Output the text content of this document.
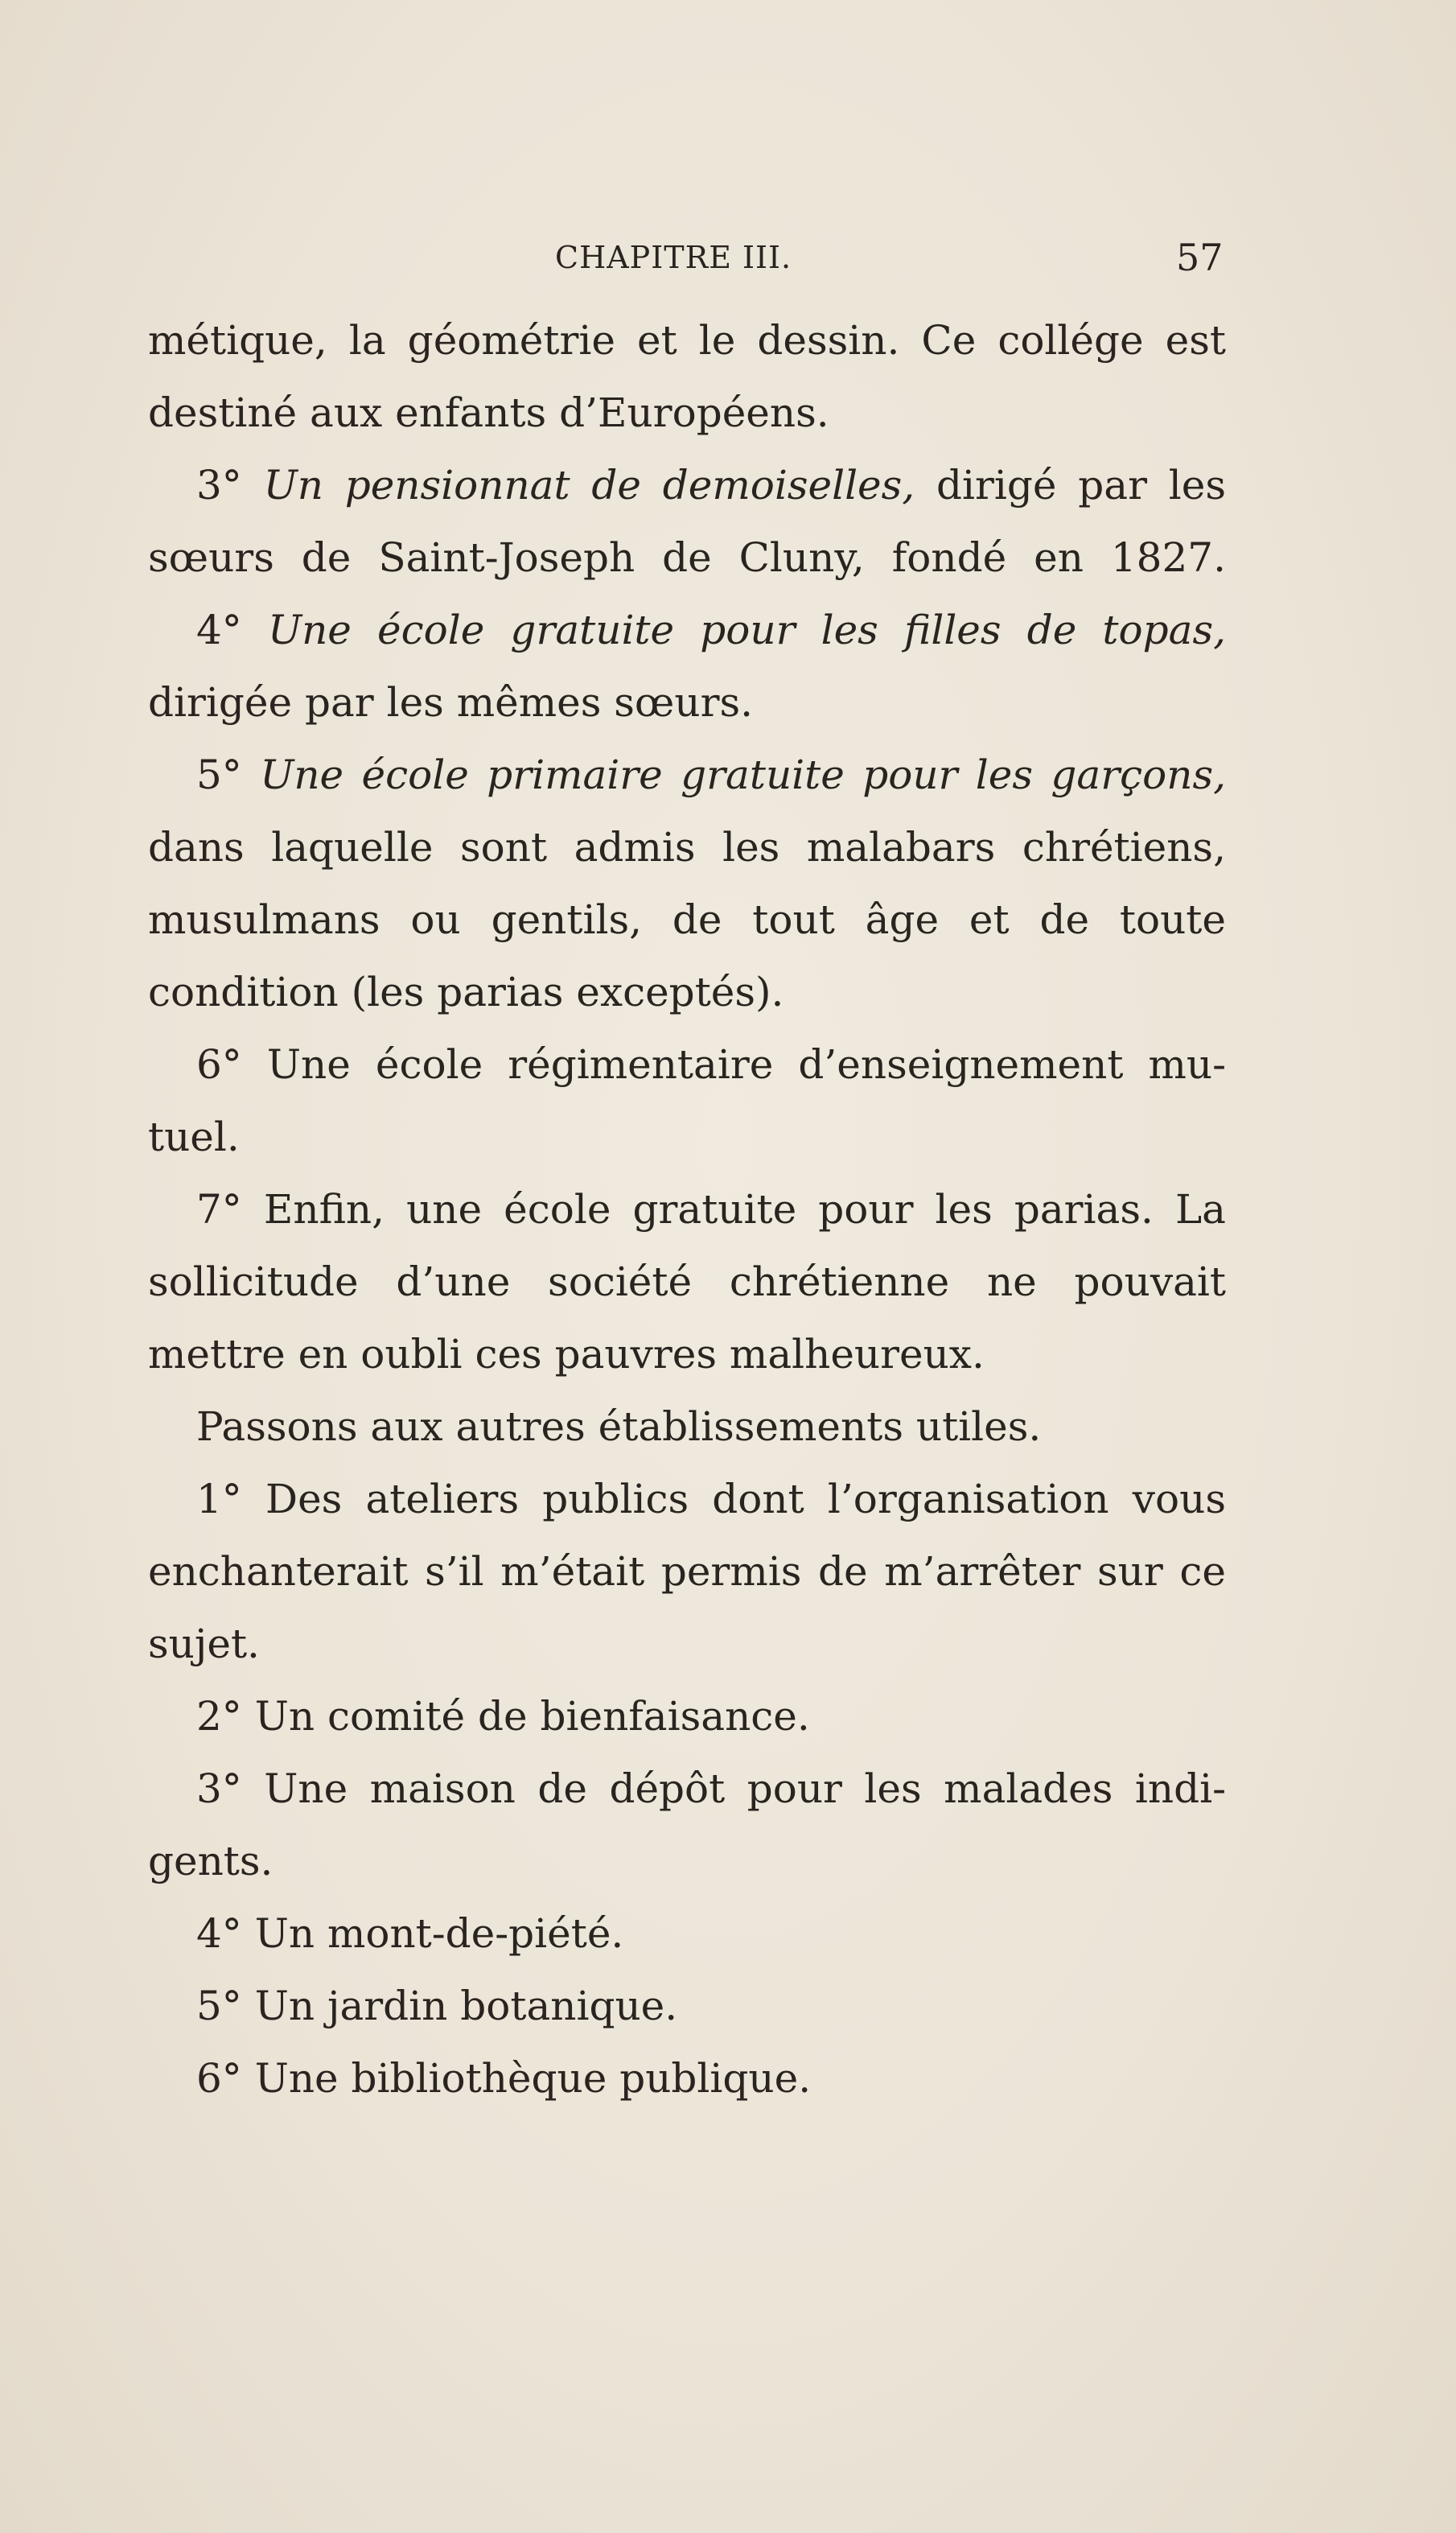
CHAPITRE III.	57
métique, la géométrie et le dessin. Ce collége est
destiné aux enfants d’Européens.
3° Un pensionnat de demoiselles, dirigé par les
sœurs de Saint-Joseph de Cluny, fondé en 1827.
4° Une école gratuite pour les filles de topas,
dirigée par les mêmes sœurs.
5° Une école primaire gratuite pour les garçons,
dans laquelle sont admis les malabars chrétiens,
musulmans ou gentils, de tout âge et de toute
condition (les parias exceptés).
6° Une école régimentaire d’enseignement mu-
tuel.
7° Enfin, une école gratuite pour les parias. La
sollicitude d’une société chrétienne ne pouvait
mettre en oubli ces pauvres malheureux.
Passons aux autres établissements utiles.
1° Des ateliers publics dont l’organisation vous
enchanterait s’il m’était permis de m’arrêter sur ce
sujet.
2° Un comité de bienfaisance.
3° Une maison de dépôt pour les malades indi-
gents.
4° Un mont-de-piété.
5° Un jardin botanique.
6° Une bibliothèque publique.
